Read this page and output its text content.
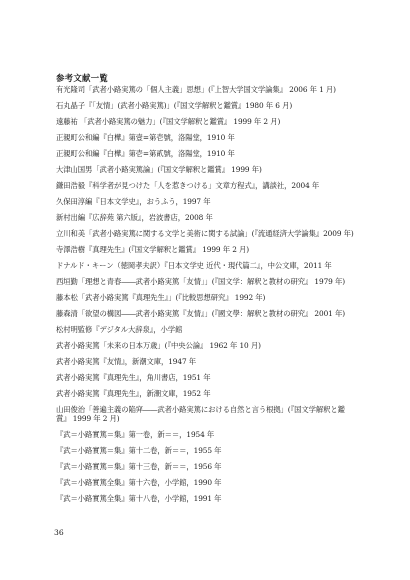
参考文献一覧
有光隆司「武者小路実篤の「個人主義」思想」(『上智大学国文学論集』 2006 年 1 月)
石丸晶子『「友情」(武者小路実篤)」(『国文学解釈と鑑賞』1980 年 6 月)
遠藤祐 「武者小路実篤の魅力」(『国文学解釈と鑑賞』 1999 年 2 月)
正親町公和編『白樺』第壹=第壱號，洛陽堂，1910 年
正親町公和編『白樺』第壱=第貳號，洛陽堂，1910 年
大津山国男「武者小路実篤論」(『国文学解釈と鑑賞』 1999 年)
鎌田浩毅『科学者が見つけた「人を惹きつける」文章方程式』，講談社，2004 年
久保田淳編『日本文学史』，おうふう，1997 年
新村出編『広辞苑 第六版』，岩波書店，2008 年
立川和美「武者小路実篤に関する文学と美術に関する試論」(『流通経済大学論集』2009 年)
寺澤浩樹『真理先生』(『国文学解釈と鑑賞』 1999 年 2 月)
ドナルド・キーン（徳岡孝夫訳）『日本文学史 近代・現代篇二』，中公文庫，2011 年
西垣勤「理想と青春――武者小路実篤「友情」」(『国文学：解釈と教材の研究』 1979 年)
藤本松「武者小路実篤『真理先生』」(『比較思想研究』 1992 年)
藤森清「欲望の構図――武者小路実篤『友情』」(『國文學：解釈と教材の研究』 2001 年)
松村明監修『デジタル大辞泉』，小学館
武者小路実篤「未来の日本万歳」(『中央公論』 1962 年 10 月)
武者小路実篤『友情』，新潮文庫，1947 年
武者小路実篤『真理先生』，角川書店，1951 年
武者小路実篤『真理先生』，新潮文庫，1952 年
山田俊治「善遍主義の陥穽――武者小路実篤における自然と言う根拠」(『国文学解釈と鑑
賞』 1999 年 2 月)
『武＝小路實篤＝集』第一卷，新＝＝，1954 年
『武＝小路實篤＝集』第十二卷，新＝＝，1955 年
『武＝小路實篤＝集』第十三卷，新＝＝，1956 年
『武＝小路實篤全集』第十六卷，小学館，1990 年
『武＝小路實篤全集』第十八卷，小学館，1991 年
36
